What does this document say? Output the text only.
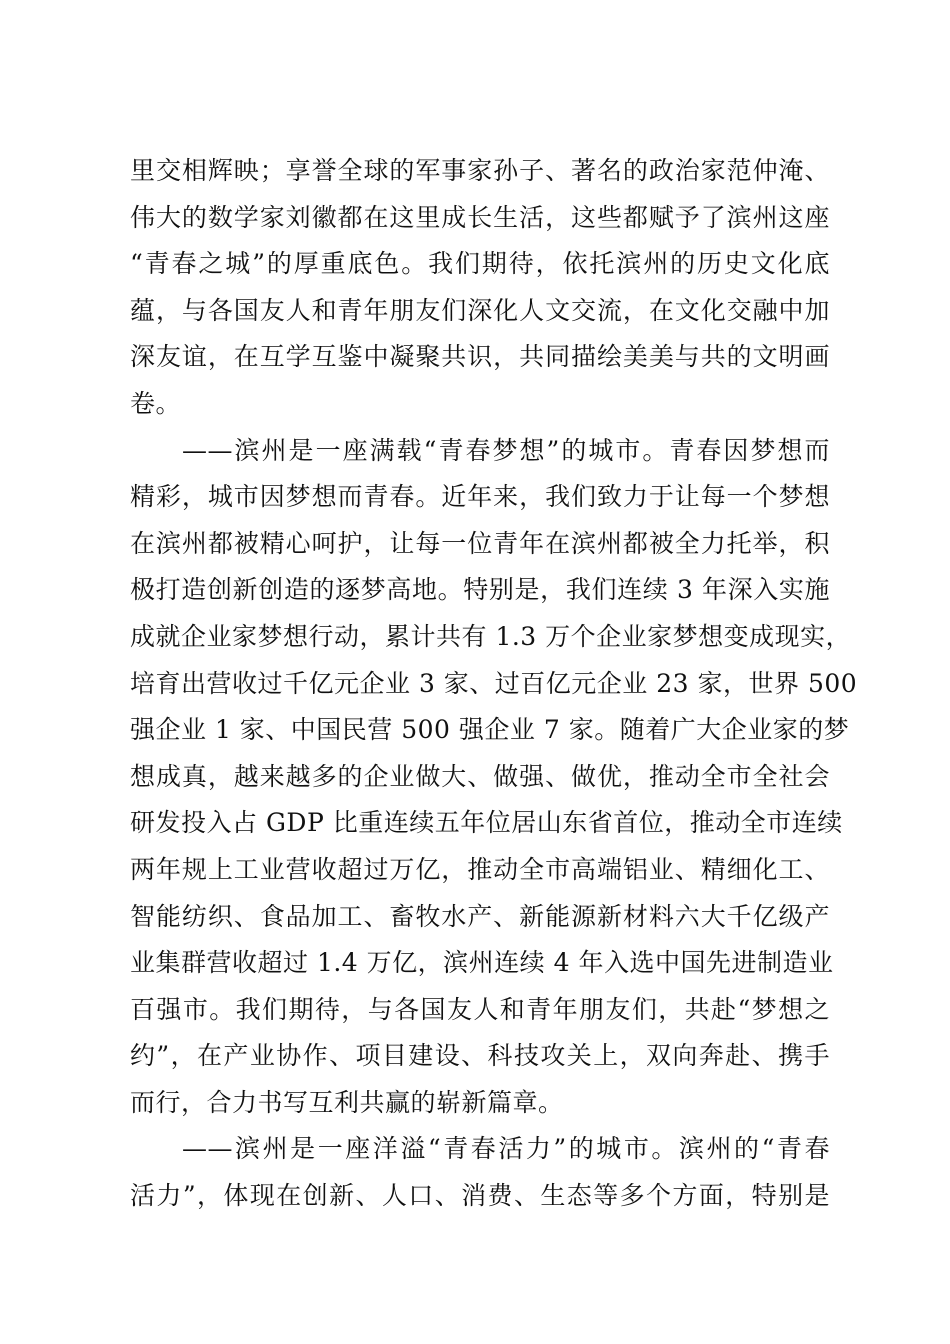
里交相辉映；享誉全球的军事家孙子、著名的政治家范仲淹、
伟大的数学家刘徽都在这里成长生活，这些都赋予了滨州这座
“青春之城”的厚重底色。我们期待，依托滨州的历史文化底
蕴，与各国友人和青年朋友们深化人文交流，在文化交融中加
深友谊，在互学互鉴中凝聚共识，共同描绘美美与共的文明画
卷。
——滨州是一座满载“青春梦想”的城市。青春因梦想而
精彩，城市因梦想而青春。近年来，我们致力于让每一个梦想
在滨州都被精心呵护，让每一位青年在滨州都被全力托举，积
极打造创新创造的逐梦高地。特别是，我们连续 3 年深入实施
成就企业家梦想行动，累计共有 1.3 万个企业家梦想变成现实，
培育出营收过千亿元企业 3 家、过百亿元企业 23 家，世界 500
强企业 1 家、中国民营 500 强企业 7 家。随着广大企业家的梦
想成真，越来越多的企业做大、做强、做优，推动全市全社会
研发投入占 GDP 比重连续五年位居山东省首位，推动全市连续
两年规上工业营收超过万亿，推动全市高端铝业、精细化工、
智能纺织、食品加工、畜牧水产、新能源新材料六大千亿级产
业集群营收超过 1.4 万亿，滨州连续 4 年入选中国先进制造业
百强市。我们期待，与各国友人和青年朋友们，共赴“梦想之
约”，在产业协作、项目建设、科技攻关上，双向奔赴、携手
而行，合力书写互利共赢的崭新篇章。
——滨州是一座洋溢“青春活力”的城市。滨州的“青春
活力”，体现在创新、人口、消费、生态等多个方面，特别是
